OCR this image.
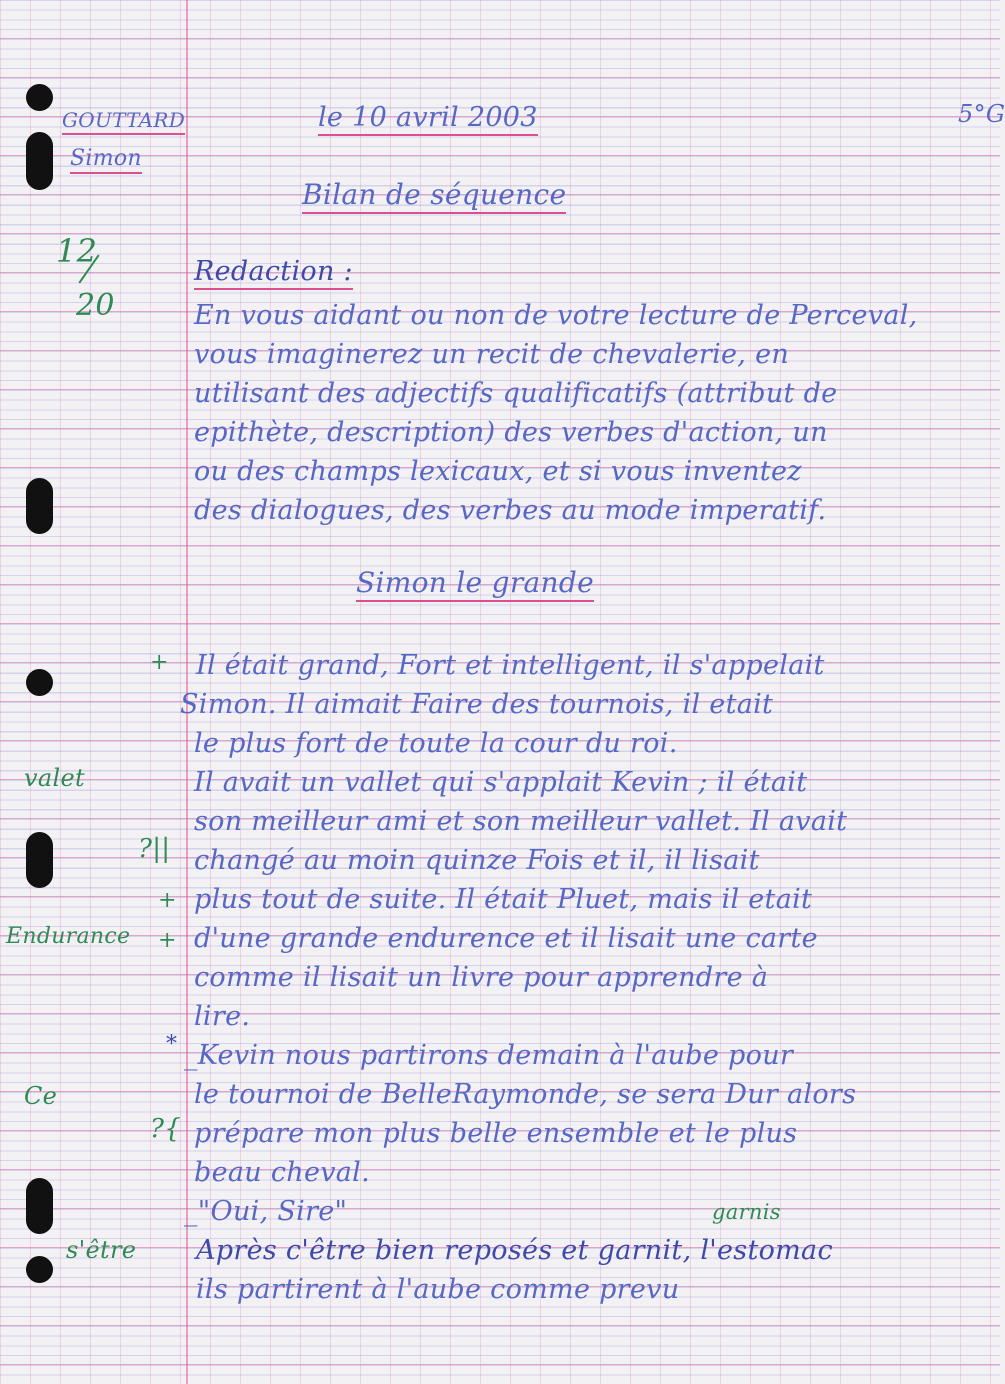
GOUTTARD
Simon
le 10 avril 2003	5°G
Bilan de séquence
12
20
Redaction :
En vous aidant ou non de votre lecture de Perceval,
vous imaginerez un recit de chevalerie, en
utilisant des adjectifs qualificatifs (attribut de
epithète, description) des verbes d'action, un
ou des champs lexicaux, et si vous inventez
des dialogues, des verbes au mode imperatif.
Simon le grande
Il était grand, Fort et intelligent, il s'appelait
Simon. Il aimait Faire des tournois, il etait
le plus fort de toute la cour du roi.
Il avait un vallet qui s'applait Kevin ; il était
son meilleur ami et son meilleur vallet. Il avait
changé au moin quinze Fois et il, il lisait
plus tout de suite. Il était Pluet, mais il etait
d'une grande endurence et il lisait une carte
comme il lisait un livre pour apprendre à
lire.
_Kevin nous partirons demain à l'aube pour
le tournoi de BelleRaymonde, se sera Dur alors
prépare mon plus belle ensemble et le plus
beau cheval.
_"Oui, Sire"
Après c'être bien reposés et garnit, l'estomac
ils partirent à l'aube comme prevu
+
valet
?||
+
Endurance +
*
Ce
?{
s'être
garnis
